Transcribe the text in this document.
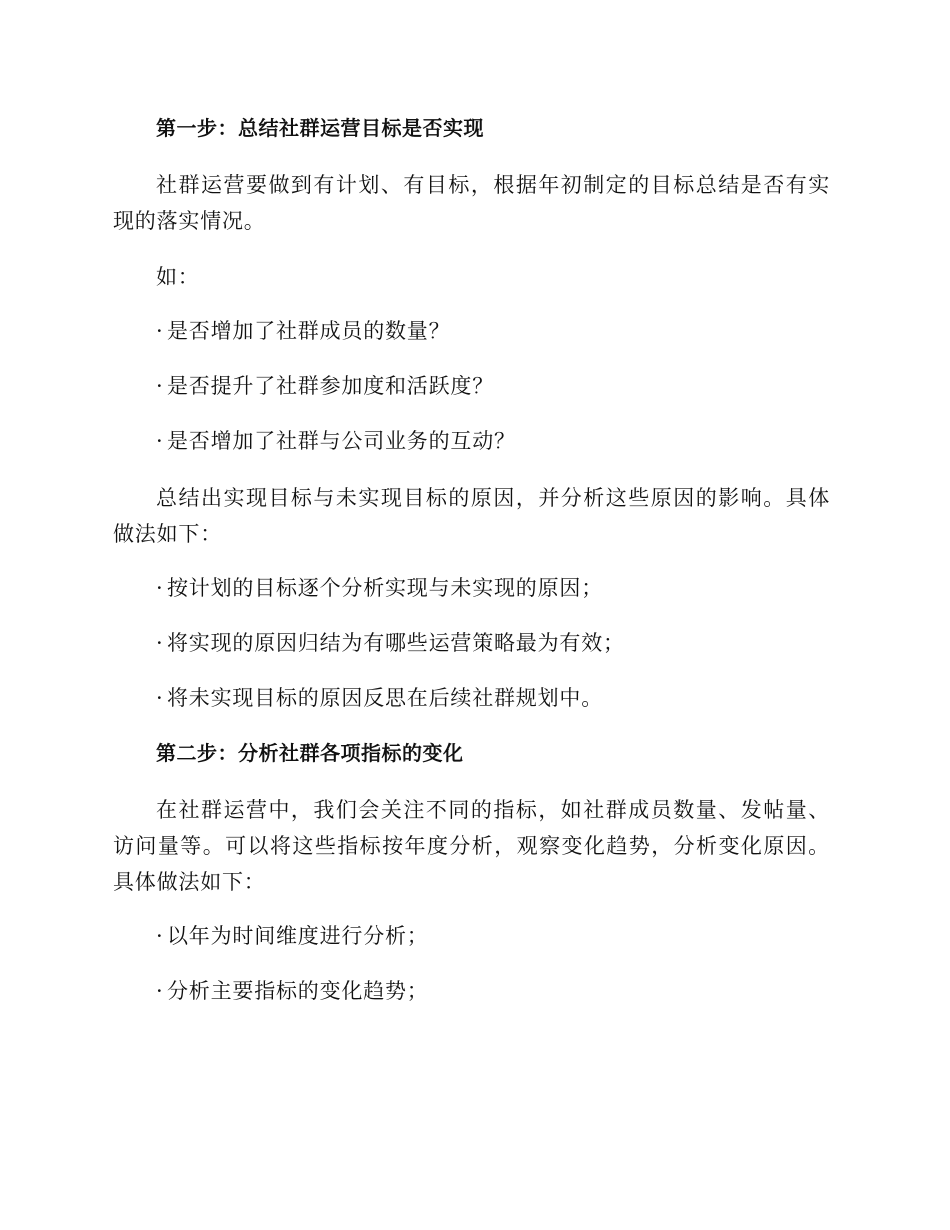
第一步：总结社群运营目标是否实现

社群运营要做到有计划、有目标，根据年初制定的目标总结是否有实现的落实情况。

如：

· 是否增加了社群成员的数量？
· 是否提升了社群参加度和活跃度？
· 是否增加了社群与公司业务的互动？

总结出实现目标与未实现目标的原因，并分析这些原因的影响。具体做法如下：

· 按计划的目标逐个分析实现与未实现的原因；
· 将实现的原因归结为有哪些运营策略最为有效；
· 将未实现目标的原因反思在后续社群规划中。
第二步：分析社群各项指标的变化

在社群运营中，我们会关注不同的指标，如社群成员数量、发帖量、访问量等。可以将这些指标按年度分析，观察变化趋势，分析变化原因。具体做法如下：

· 以年为时间维度进行分析；
· 分析主要指标的变化趋势；
